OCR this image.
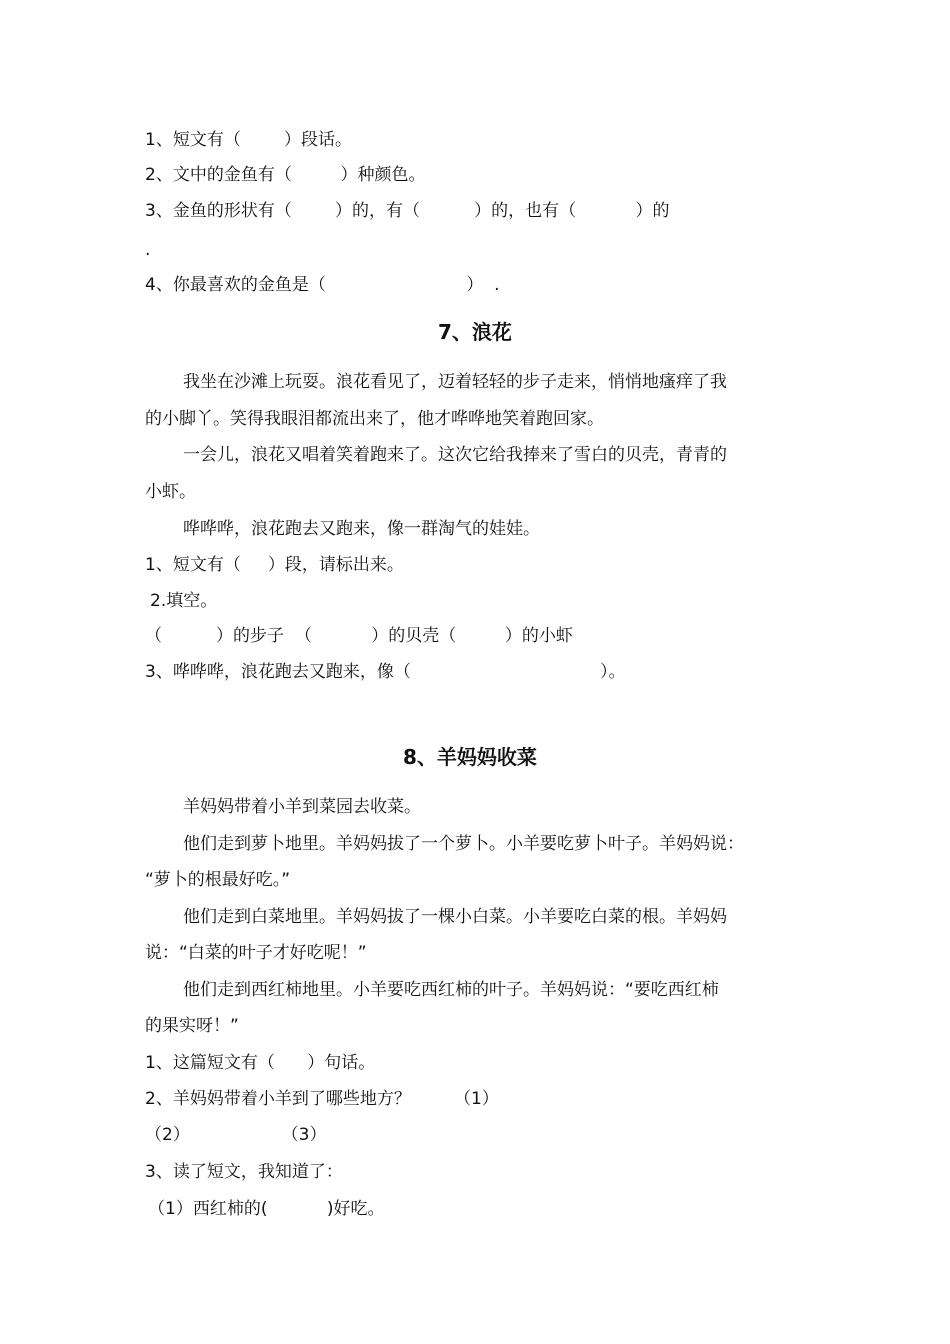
1、短文有（        ）段话。
2、文中的金鱼有（         ）种颜色。
3、金鱼的形状有（        ）的，有（          ）的，也有（           ）的
.
4、你最喜欢的金鱼是（                          ）  .
7、浪花
我坐在沙滩上玩耍。浪花看见了，迈着轻轻的步子走来，悄悄地瘙痒了我
的小脚丫。笑得我眼泪都流出来了，他才哗哗地笑着跑回家。
一会儿，浪花又唱着笑着跑来了。这次它给我捧来了雪白的贝壳，青青的
小虾。
哗哗哗，浪花跑去又跑来，像一群淘气的娃娃。
1、短文有（     ）段，请标出来。
2.填空。
（          ）的步子  （           ）的贝壳（         ）的小虾
3、哗哗哗，浪花跑去又跑来，像（                                   ）。
8、羊妈妈收菜
羊妈妈带着小羊到菜园去收菜。
他们走到萝卜地里。羊妈妈拔了一个萝卜。小羊要吃萝卜叶子。羊妈妈说：
“萝卜的根最好吃。”
他们走到白菜地里。羊妈妈拔了一棵小白菜。小羊要吃白菜的根。羊妈妈
说：“白菜的叶子才好吃呢！”
他们走到西红柿地里。小羊要吃西红柿的叶子。羊妈妈说：“要吃西红柿
的果实呀！”
1、这篇短文有（      ）句话。
2、羊妈妈带着小羊到了哪些地方？        （1）
（2）                 （3）
3、读了短文，我知道了：
（1）西红柿的(           )好吃。
